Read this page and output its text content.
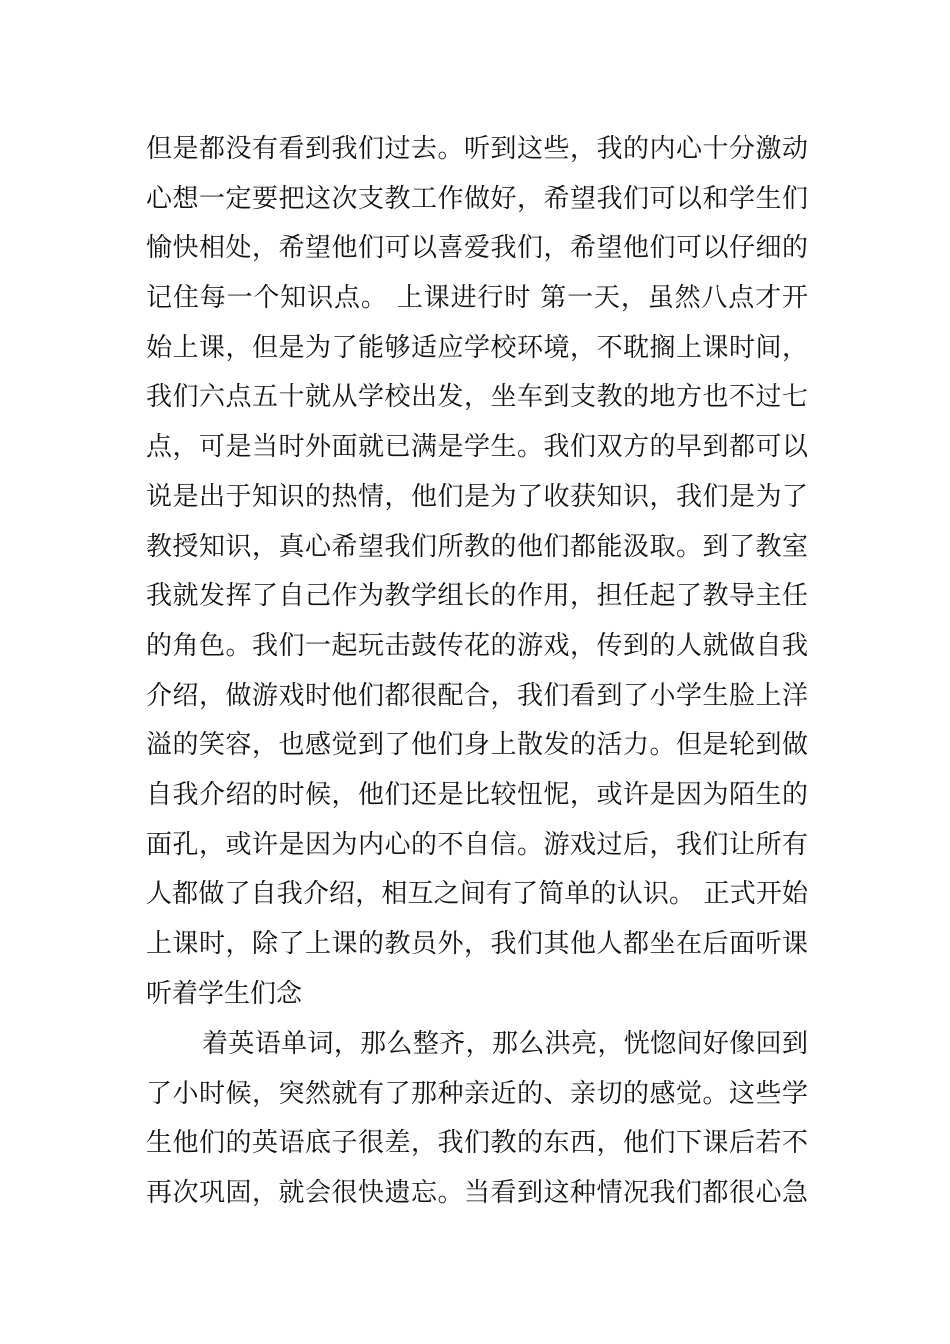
但是都没有看到我们过去。听到这些，我的内心十分激动
心想一定要把这次支教工作做好，希望我们可以和学生们
愉快相处，希望他们可以喜爱我们，希望他们可以仔细的
记住每一个知识点。 上课进行时 第一天，虽然八点才开
始上课，但是为了能够适应学校环境，不耽搁上课时间，
我们六点五十就从学校出发，坐车到支教的地方也不过七
点，可是当时外面就已满是学生。我们双方的早到都可以
说是出于知识的热情，他们是为了收获知识，我们是为了
教授知识，真心希望我们所教的他们都能汲取。到了教室
我就发挥了自己作为教学组长的作用，担任起了教导主任
的角色。我们一起玩击鼓传花的游戏，传到的人就做自我
介绍，做游戏时他们都很配合，我们看到了小学生脸上洋
溢的笑容，也感觉到了他们身上散发的活力。但是轮到做
自我介绍的时候，他们还是比较忸怩，或许是因为陌生的
面孔，或许是因为内心的不自信。游戏过后，我们让所有
人都做了自我介绍，相互之间有了简单的认识。 正式开始
上课时，除了上课的教员外，我们其他人都坐在后面听课
听着学生们念
着英语单词，那么整齐，那么洪亮，恍惚间好像回到
了小时候，突然就有了那种亲近的、亲切的感觉。这些学
生他们的英语底子很差，我们教的东西，他们下课后若不
再次巩固，就会很快遗忘。当看到这种情况我们都很心急
